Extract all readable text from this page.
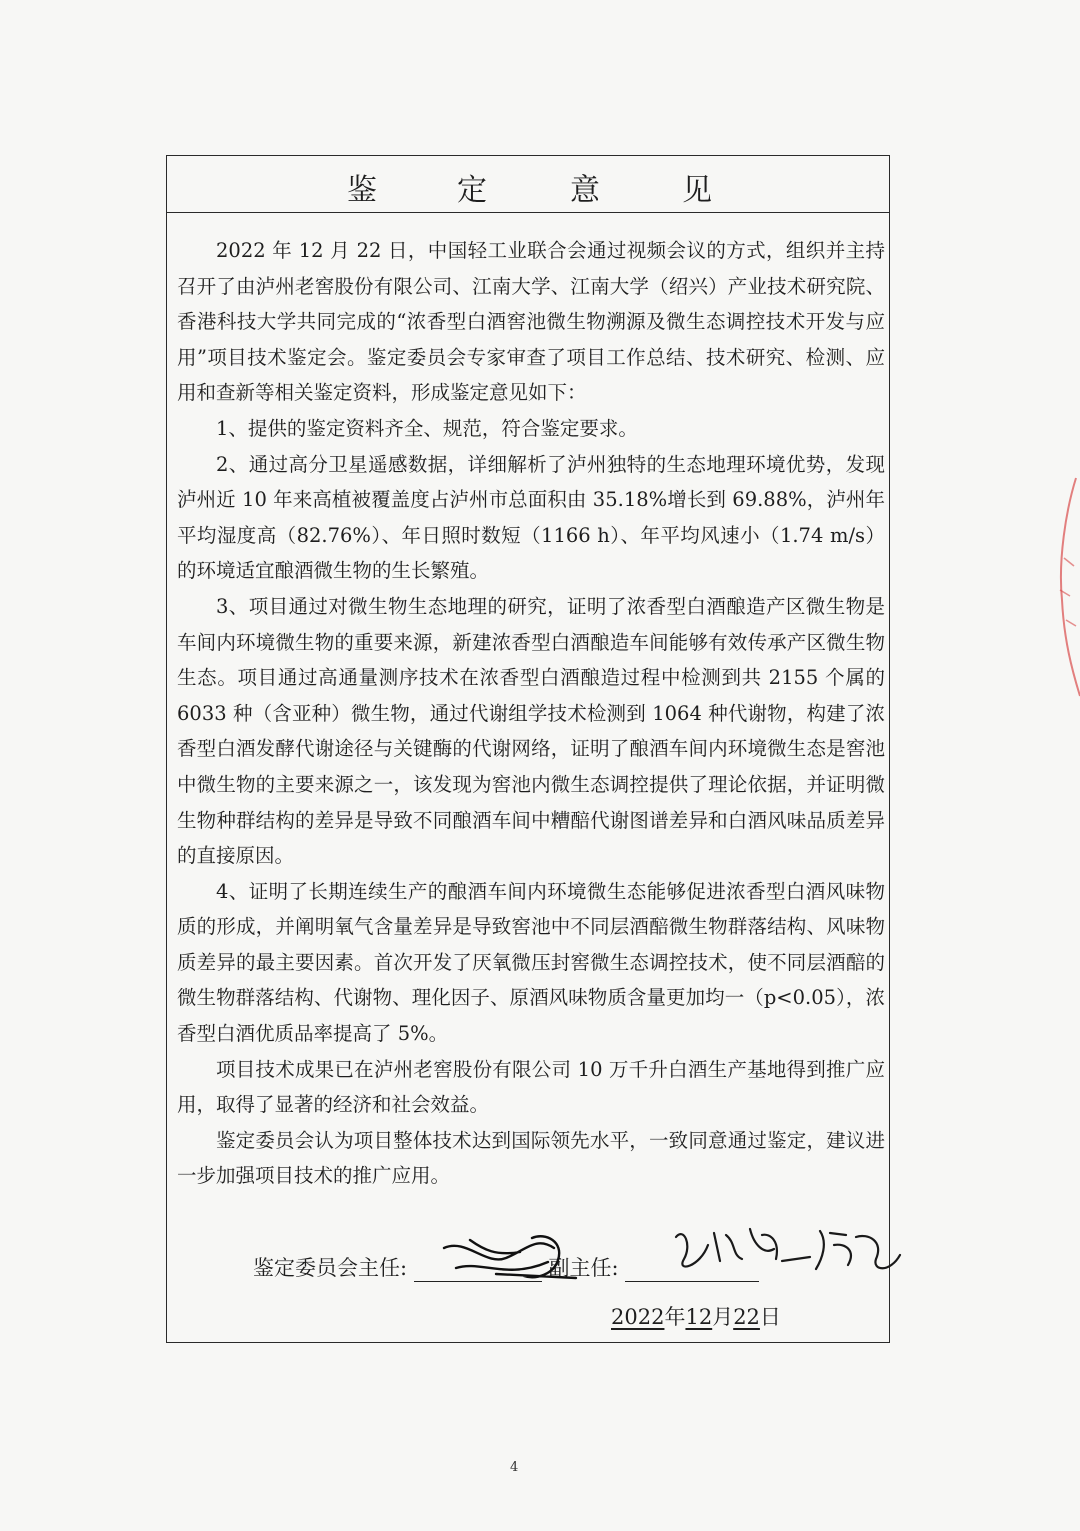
鉴	定	意	见

2022 年 12 月 22 日，中国轻工业联合会通过视频会议的方式，组织并主持召开了由泸州老窖股份有限公司、江南大学、江南大学（绍兴）产业技术研究院、香港科技大学共同完成的“浓香型白酒窖池微生物溯源及微生态调控技术开发与应用”项目技术鉴定会。鉴定委员会专家审查了项目工作总结、技术研究、检测、应用和查新等相关鉴定资料，形成鉴定意见如下：

1、提供的鉴定资料齐全、规范，符合鉴定要求。

2、通过高分卫星遥感数据，详细解析了泸州独特的生态地理环境优势，发现泸州近 10 年来高植被覆盖度占泸州市总面积由 35.18%增长到 69.88%，泸州年平均湿度高（82.76%）、年日照时数短（1166 h）、年平均风速小（1.74 m/s）的环境适宜酿酒微生物的生长繁殖。

3、项目通过对微生物生态地理的研究，证明了浓香型白酒酿造产区微生物是车间内环境微生物的重要来源，新建浓香型白酒酿造车间能够有效传承产区微生物生态。项目通过高通量测序技术在浓香型白酒酿造过程中检测到共 2155 个属的 6033 种（含亚种）微生物，通过代谢组学技术检测到 1064 种代谢物，构建了浓香型白酒发酵代谢途径与关键酶的代谢网络，证明了酿酒车间内环境微生态是窖池中微生物的主要来源之一，该发现为窖池内微生态调控提供了理论依据，并证明微生物种群结构的差异是导致不同酿酒车间中糟醅代谢图谱差异和白酒风味品质差异的直接原因。

4、证明了长期连续生产的酿酒车间内环境微生态能够促进浓香型白酒风味物质的形成，并阐明氧气含量差异是导致窖池中不同层酒醅微生物群落结构、风味物质差异的最主要因素。首次开发了厌氧微压封窖微生态调控技术，使不同层酒醅的微生物群落结构、代谢物、理化因子、原酒风味物质含量更加均一（p<0.05），浓香型白酒优质品率提高了 5%。

项目技术成果已在泸州老窖股份有限公司 10 万千升白酒生产基地得到推广应用，取得了显著的经济和社会效益。

鉴定委员会认为项目整体技术达到国际领先水平，一致同意通过鉴定，建议进一步加强项目技术的推广应用。

鉴定委员会主任:	副主任:
2022年12月22日
4
